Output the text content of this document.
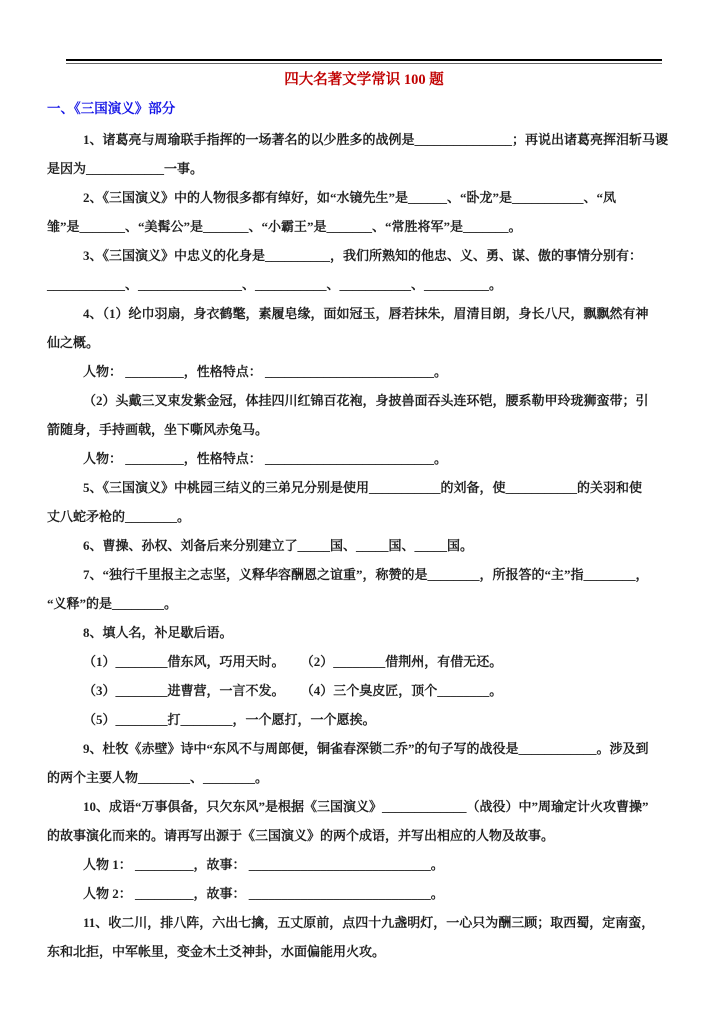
四大名著文学常识 100 题
一、《三国演义》部分
1、诸葛亮与周瑜联手指挥的一场著名的以少胜多的战例是_______________；再说出诸葛亮挥泪斩马谡
是因为____________一事。
2、《三国演义》中的人物很多都有绰好，如“水镜先生”是______、“卧龙”是___________、“凤
雏”是_______、“美髯公”是_______、“小霸王”是_______、“常胜将军”是_______。
3、《三国演义》中忠义的化身是__________，我们所熟知的他忠、义、勇、谋、傲的事情分别有：
____________、________________、___________、___________、__________。
4、（1）纶巾羽扇，身衣鹤氅，素履皂缘，面如冠玉，唇若抹朱，眉清目朗，身长八尺，飘飘然有神
仙之概。
人物： _________，性格特点： __________________________。
（2）头戴三叉束发紫金冠，体挂四川红锦百花袍，身披兽面吞头连环铠，腰系勒甲玲珑狮蛮带；引
箭随身，手持画戟，坐下嘶风赤兔马。
人物： _________，性格特点： __________________________。
5、《三国演义》中桃园三结义的三弟兄分别是使用___________的刘备，使___________的关羽和使
丈八蛇矛枪的________。
6、曹操、孙权、刘备后来分别建立了_____国、_____国、_____国。
7、“独行千里报主之志坚，义释华容酬恩之谊重”，称赞的是________，所报答的“主”指________，
“义释”的是________。
8、填人名，补足歇后语。
（1）________借东风，巧用天时。     （2）________借荆州，有借无还。
（3）________进曹营，一言不发。     （4）三个臭皮匠，顶个________。
（5）________打________，一个愿打，一个愿挨。
9、杜牧《赤壁》诗中“东风不与周郎便，铜雀春深锁二乔”的句子写的战役是____________。涉及到
的两个主要人物________、________。
10、成语“万事俱备，只欠东风”是根据《三国演义》_____________（战役）中”周瑜定计火攻曹操”
的故事演化而来的。请再写出源于《三国演义》的两个成语，并写出相应的人物及故事。
人物 1： _________，故事： ____________________________。
人物 2： _________，故事： ____________________________。
11、收二川，排八阵，六出七擒，五丈原前，点四十九盏明灯，一心只为酬三顾；取西蜀，定南蛮，
东和北拒，中军帐里，变金木土爻神卦，水面偏能用火攻。
